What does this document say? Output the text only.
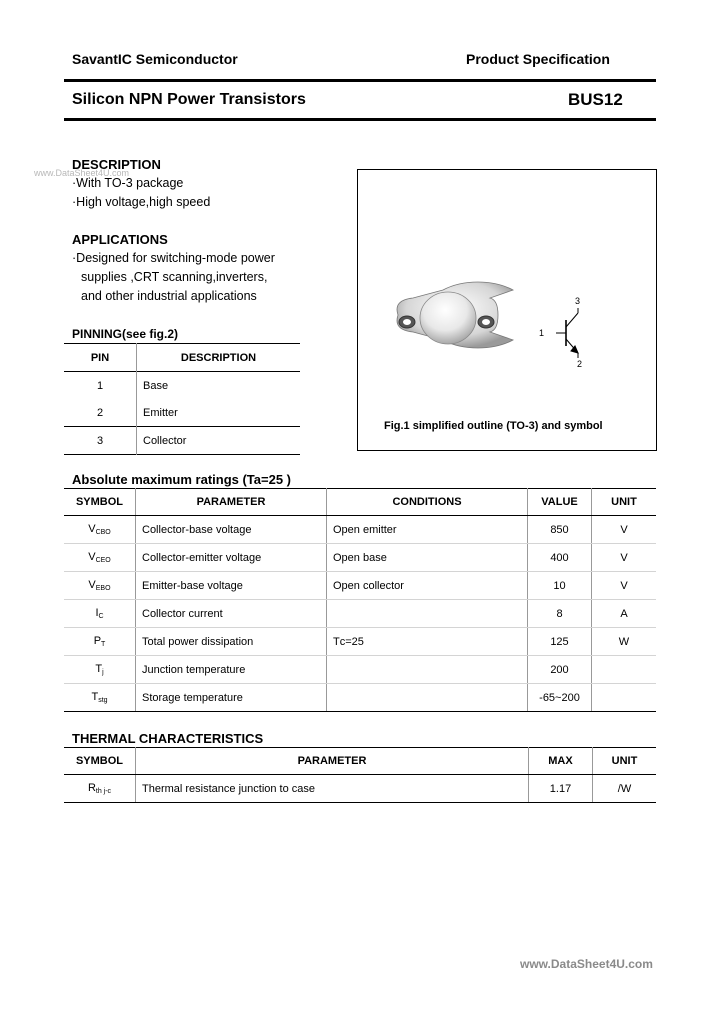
SavantIC Semiconductor	Product Specification
Silicon NPN Power Transistors	BUS12
www.DataSheet4U.com
DESCRIPTION
·With TO-3 package
·High voltage,high speed
APPLICATIONS
·Designed for switching-mode power
supplies ,CRT scanning,inverters,
and other industrial applications
PINNING(see fig.2)
PIN	DESCRIPTION
1	Base
2	Emitter
3	Collector
1
3
2
Fig.1 simplified outline (TO-3) and symbol
Absolute maximum ratings (Ta=25 )
SYMBOL	PARAMETER	CONDITIONS	VALUE	UNIT
$V_{CBO}$	Collector-base voltage	Open emitter	850	V
$V_{CEO}$	Collector-emitter voltage	Open base	400	V
$V_{EBO}$	Emitter-base voltage	Open collector	10	V
$I_C$	Collector current		8	A
$P_T$	Total power dissipation	Tᴄ=25	125	W
$T_j$	Junction temperature		200	
$T_{stg}$	Storage temperature		-65~200	
THERMAL CHARACTERISTICS
SYMBOL	PARAMETER	MAX	UNIT
$R_{th j-c}$	Thermal resistance junction to case	1.17	/W
www.DataSheet4U.com
